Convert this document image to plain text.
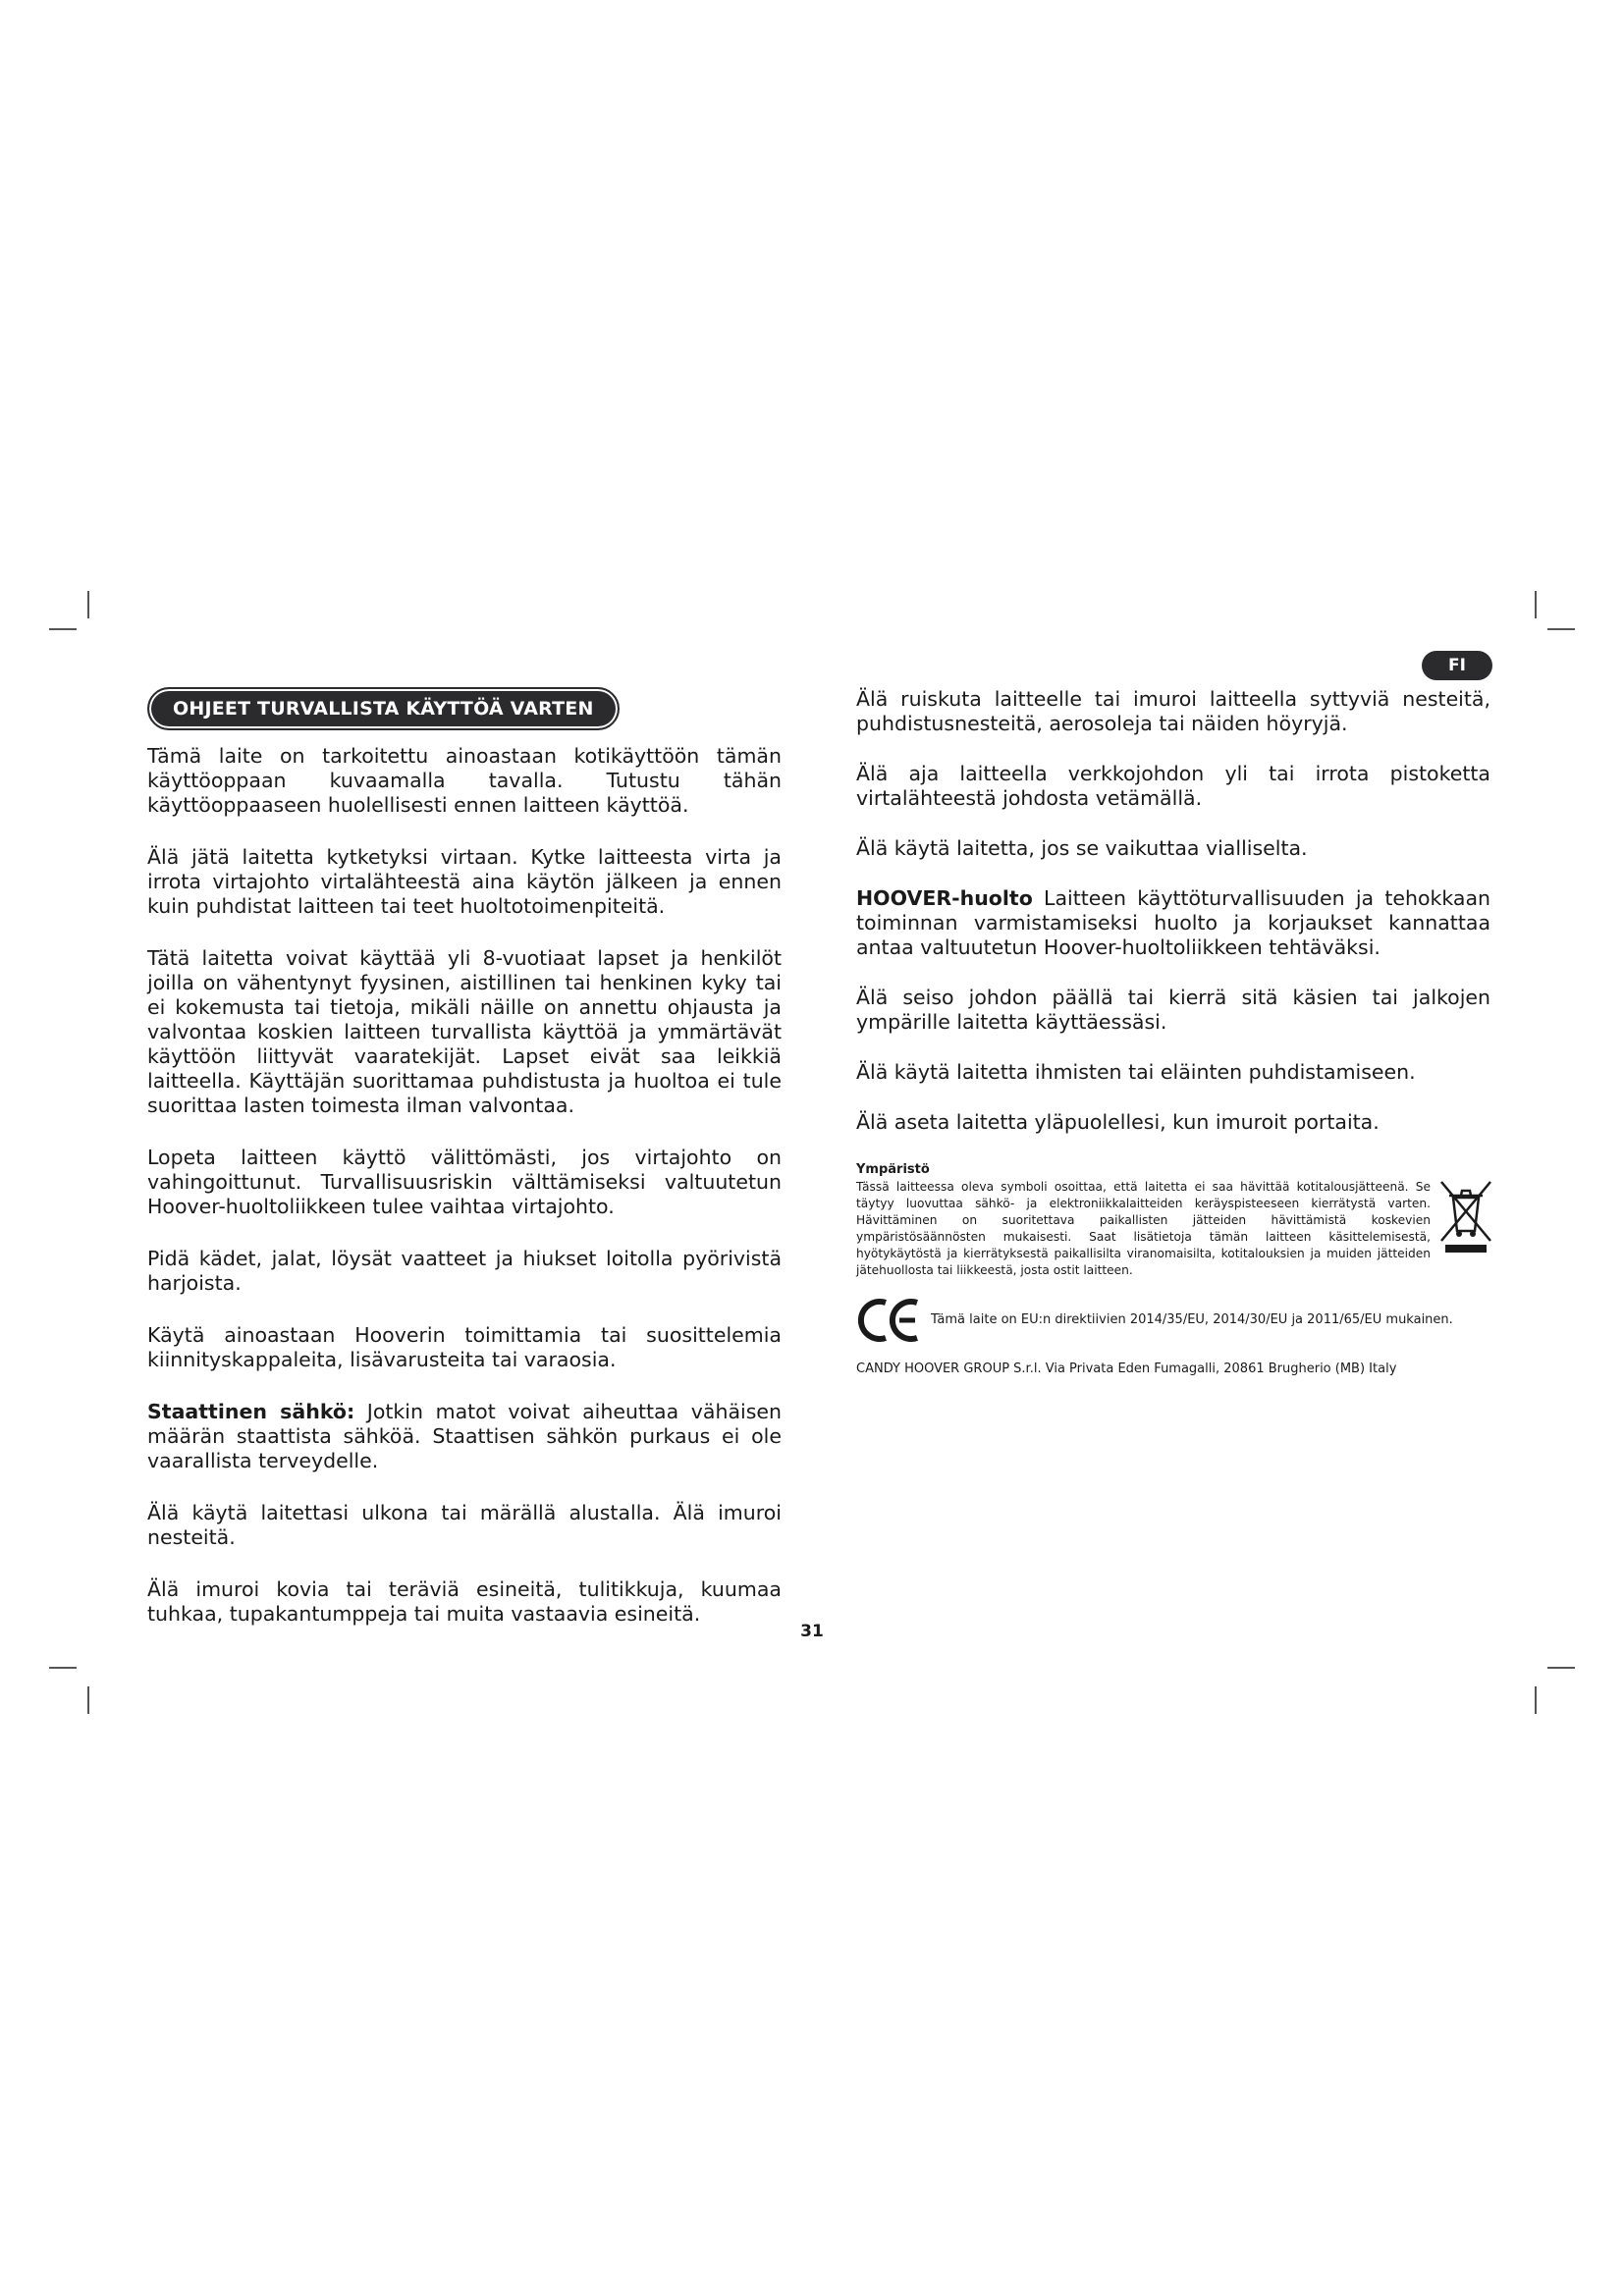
FI
OHJEET TURVALLISTA KÄYTTÖÄ VARTEN

Tämä laite on tarkoitettu ainoastaan kotikäyttöön tämän käyttöoppaan kuvaamalla tavalla. Tutustu tähän käyttöoppaaseen huolellisesti ennen laitteen käyttöä.

Älä jätä laitetta kytketyksi virtaan. Kytke laitteesta virta ja irrota virtajohto virtalähteestä aina käytön jälkeen ja ennen kuin puhdistat laitteen tai teet huoltotoimenpiteitä.

Tätä laitetta voivat käyttää yli 8-vuotiaat lapset ja henkilöt joilla on vähentynyt fyysinen, aistillinen tai henkinen kyky tai ei kokemusta tai tietoja, mikäli näille on annettu ohjausta ja valvontaa koskien laitteen turvallista käyttöä ja ymmärtävät käyttöön liittyvät vaaratekijät. Lapset eivät saa leikkiä laitteella. Käyttäjän suorittamaa puhdistusta ja huoltoa ei tule suorittaa lasten toimesta ilman valvontaa.

Lopeta laitteen käyttö välittömästi, jos virtajohto on vahingoittunut. Turvallisuusriskin välttämiseksi valtuutetun Hoover-huoltoliikkeen tulee vaihtaa virtajohto.

Pidä kädet, jalat, löysät vaatteet ja hiukset loitolla pyörivistä harjoista.

Käytä ainoastaan Hooverin toimittamia tai suosittelemia kiinnityskappaleita, lisävarusteita tai varaosia.

Staattinen sähkö: Jotkin matot voivat aiheuttaa vähäisen määrän staattista sähköä. Staattisen sähkön purkaus ei ole vaarallista terveydelle.

Älä käytä laitettasi ulkona tai märällä alustalla. Älä imuroi nesteitä.

Älä imuroi kovia tai teräviä esineitä, tulitikkuja, kuumaa tuhkaa, tupakantumppeja tai muita vastaavia esineitä.

Älä ruiskuta laitteelle tai imuroi laitteella syttyviä nesteitä, puhdistusnesteitä, aerosoleja tai näiden höyryjä.

Älä aja laitteella verkkojohdon yli tai irrota pistoketta virtalähteestä johdosta vetämällä.

Älä käytä laitetta, jos se vaikuttaa vialliselta.

HOOVER-huolto Laitteen käyttöturvallisuuden ja tehokkaan toiminnan varmistamiseksi huolto ja korjaukset kannattaa antaa valtuutetun Hoover-huoltoliikkeen tehtäväksi.

Älä seiso johdon päällä tai kierrä sitä käsien tai jalkojen ympärille laitetta käyttäessäsi.

Älä käytä laitetta ihmisten tai eläinten puhdistamiseen.

Älä aseta laitetta yläpuolellesi, kun imuroit portaita.

Ympäristö

Tässä laitteessa oleva symboli osoittaa, että laitetta ei saa hävittää kotitalousjätteenä. Se täytyy luovuttaa sähkö- ja elektroniikkalaitteiden keräyspisteeseen kierrätystä varten. Hävittäminen on suoritettava paikallisten jätteiden hävittämistä koskevien ympäristösäännösten mukaisesti. Saat lisätietoja tämän laitteen käsittelemisestä, hyötykäytöstä ja kierrätyksestä paikallisilta viranomaisilta, kotitalouksien ja muiden jätteiden jätehuollosta tai liikkeestä, josta ostit laitteen.

Tämä laite on EU:n direktiivien 2014/35/EU, 2014/30/EU ja 2011/65/EU mukainen.
CANDY HOOVER GROUP S.r.l. Via Privata Eden Fumagalli, 20861 Brugherio (MB) Italy
31
